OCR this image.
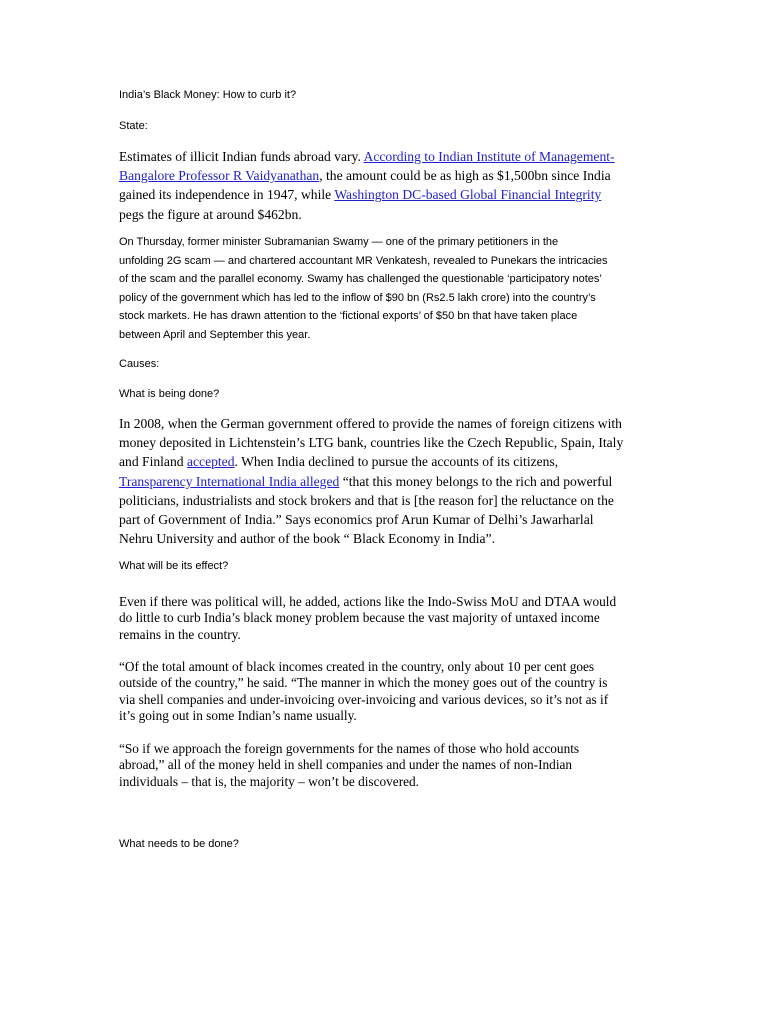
India’s Black Money: How to curb it?

State:

Estimates of illicit Indian funds abroad vary. According to Indian Institute of Management-
Bangalore Professor R Vaidyanathan, the amount could be as high as $1,500bn since India
gained its independence in 1947, while Washington DC-based Global Financial Integrity
pegs the figure at around $462bn.
On Thursday, former minister Subramanian Swamy — one of the primary petitioners in the
unfolding 2G scam — and chartered accountant MR Venkatesh, revealed to Punekars the intricacies
of the scam and the parallel economy. Swamy has challenged the questionable ‘participatory notes’
policy of the government which has led to the inflow of $90 bn (Rs2.5 lakh crore) into the country’s
stock markets. He has drawn attention to the ‘fictional exports’ of $50 bn that have taken place
between April and September this year.

Causes:

What is being done?

In 2008, when the German government offered to provide the names of foreign citizens with
money deposited in Lichtenstein’s LTG bank, countries like the Czech Republic, Spain, Italy
and Finland accepted. When India declined to pursue the accounts of its citizens,
Transparency International India alleged “that this money belongs to the rich and powerful
politicians, industrialists and stock brokers and that is [the reason for] the reluctance on the
part of Government of India.” Says economics prof Arun Kumar of Delhi’s Jawarharlal
Nehru University and author of the book “ Black Economy in India”.

What will be its effect?

Even if there was political will, he added, actions like the Indo-Swiss MoU and DTAA would
do little to curb India’s black money problem because the vast majority of untaxed income
remains in the country.
“Of the total amount of black incomes created in the country, only about 10 per cent goes
outside of the country,” he said. “The manner in which the money goes out of the country is
via shell companies and under-invoicing over-invoicing and various devices, so it’s not as if
it’s going out in some Indian’s name usually.
“So if we approach the foreign governments for the names of those who hold accounts
abroad,” all of the money held in shell companies and under the names of non-Indian
individuals – that is, the majority – won’t be discovered.

What needs to be done?
